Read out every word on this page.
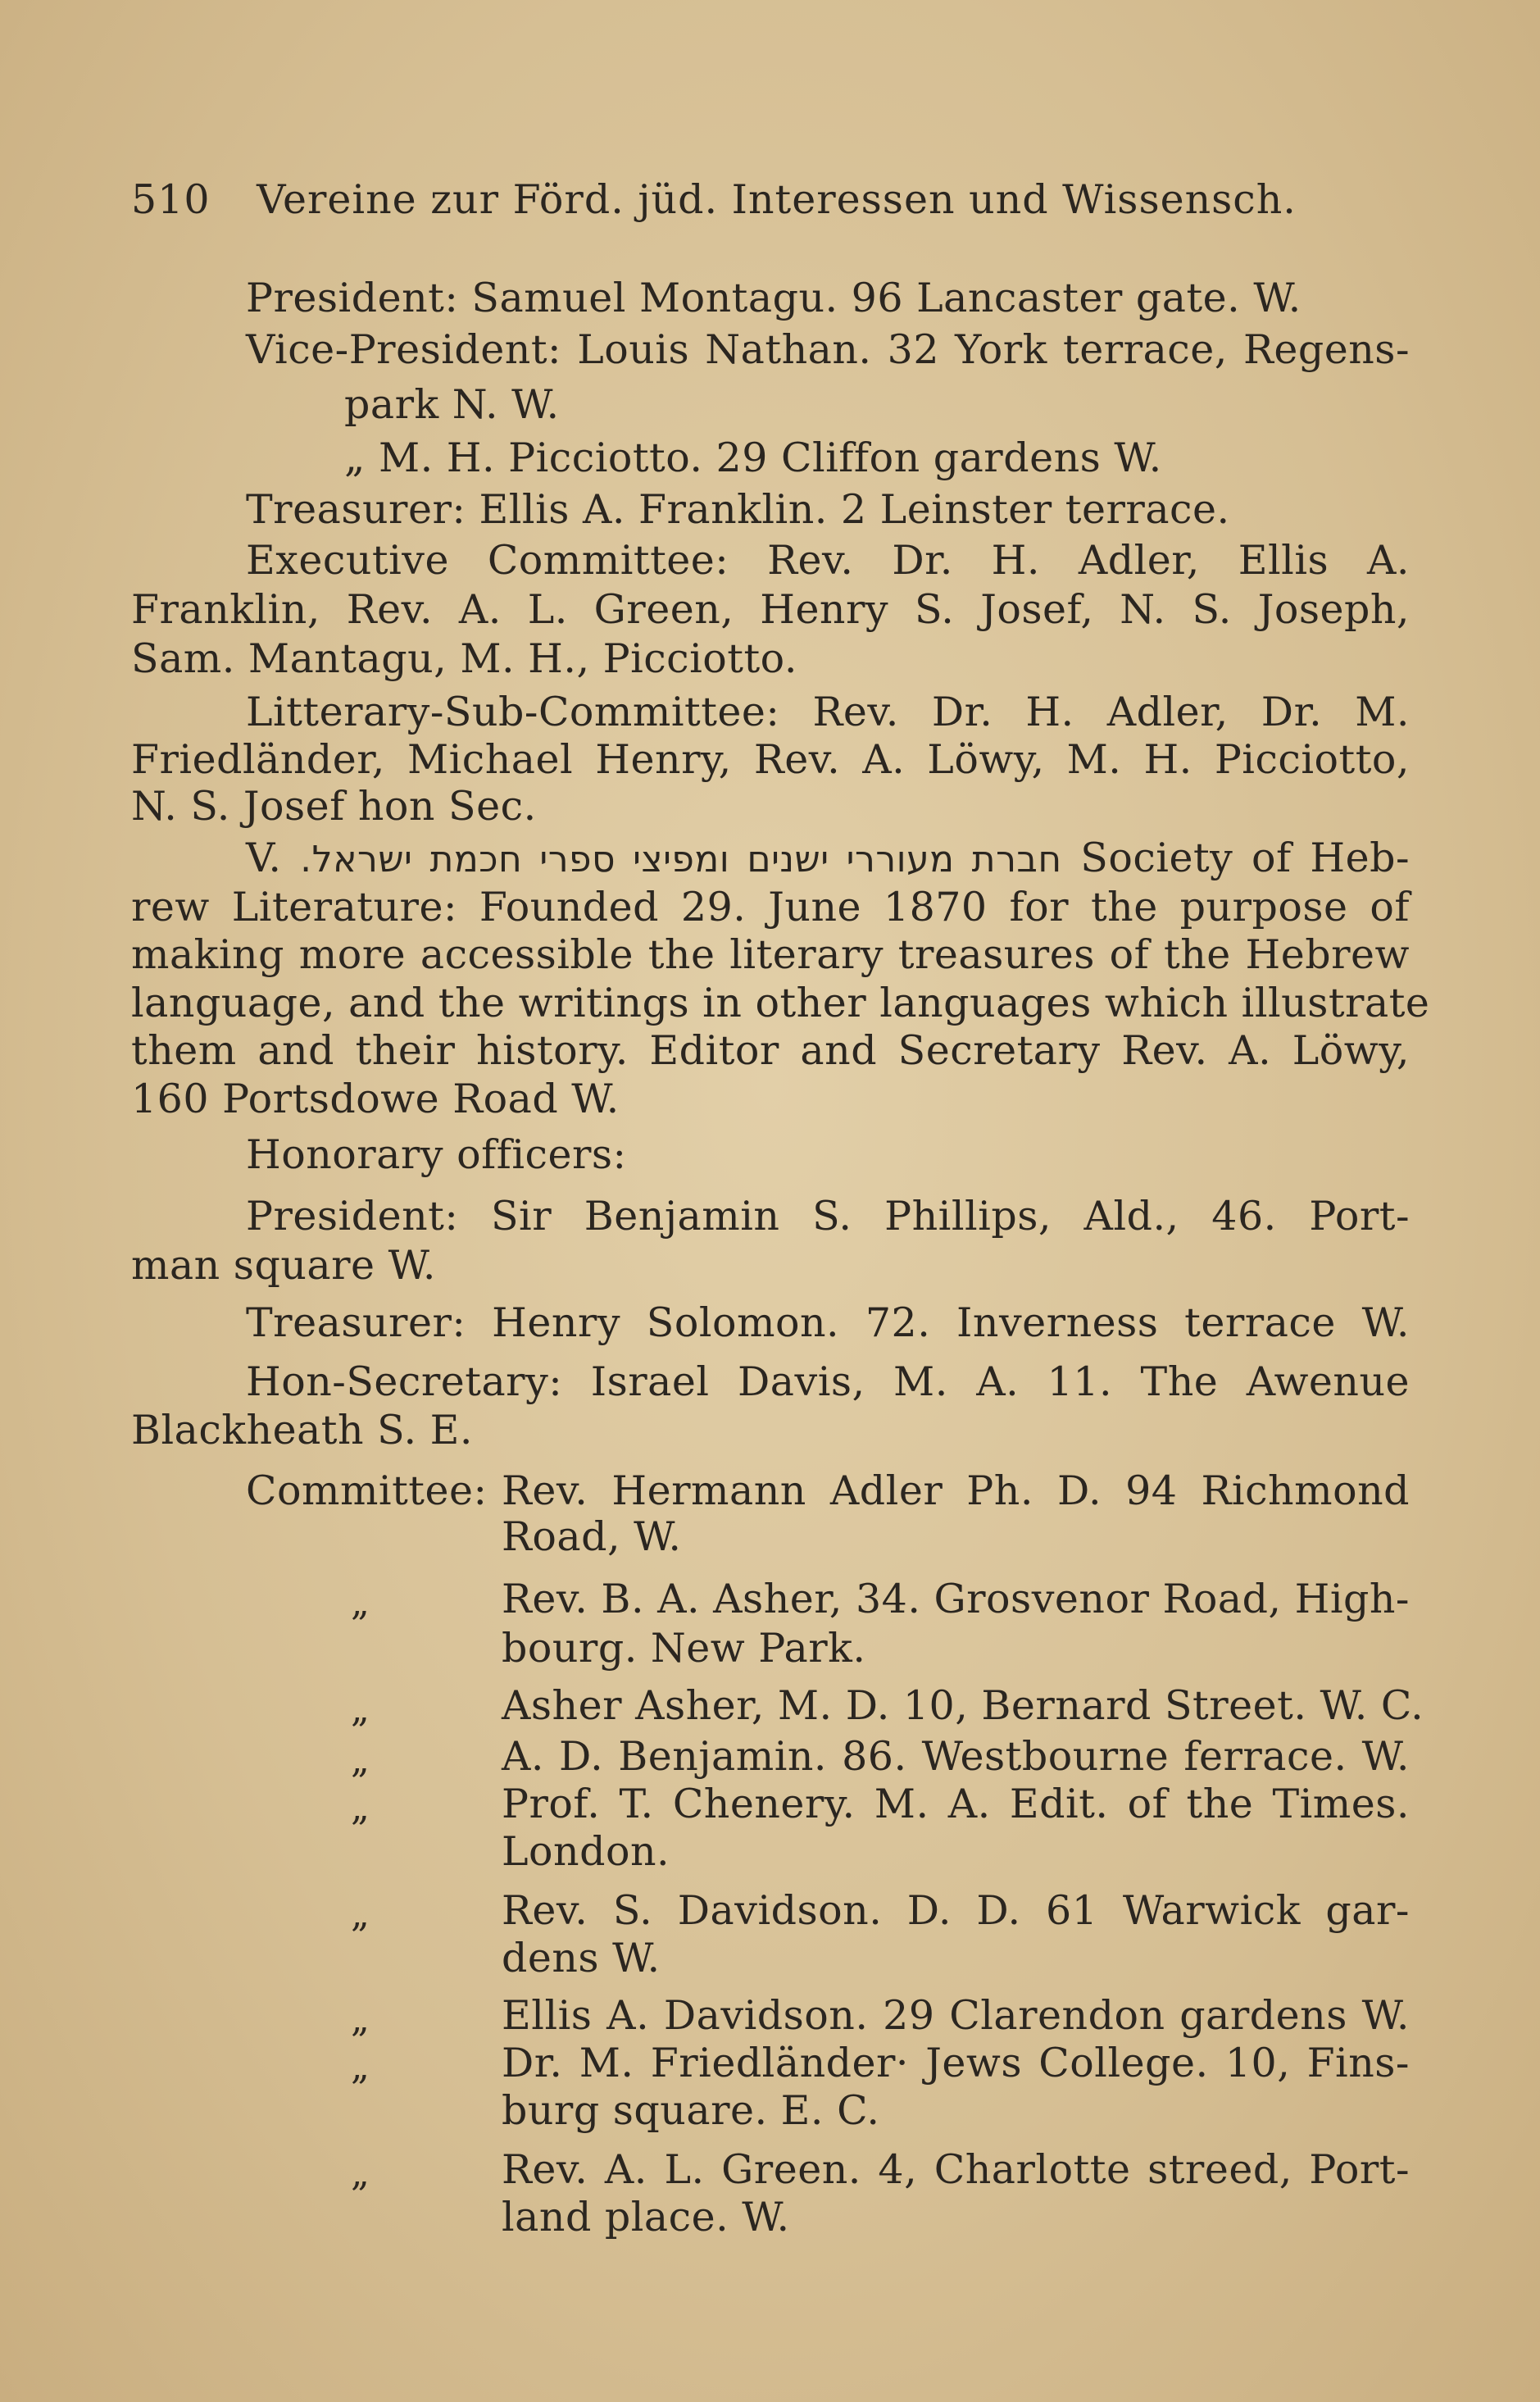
510 Vereine zur Förd. jüd. Interessen und Wissensch.
President: Samuel Montagu. 96 Lancaster gate. W.
Vice-President: Louis Nathan. 32 York terrace, Regens-
park N. W.
„ M. H. Picciotto. 29 Cliffon gardens W.
Treasurer: Ellis A. Franklin. 2 Leinster terrace.
Executive Committee: Rev. Dr. H. Adler, Ellis A.
Franklin, Rev. A. L. Green, Henry S. Josef, N. S. Joseph,
Sam. Mantagu, M. H., Picciotto.
Litterary-Sub-Committee: Rev. Dr. H. Adler, Dr. M.
Friedländer, Michael Henry, Rev. A. Löwy, M. H. Picciotto,
N. S. Josef hon Sec.
V. חברת מעוררי ישנים ומפיצי ספרי חכמת ישראל. Society of Heb-
rew Literature: Founded 29. June 1870 for the purpose of
making more accessible the literary treasures of the Hebrew
language, and the writings in other languages which illustrate
them and their history. Editor and Secretary Rev. A. Löwy,
160 Portsdowe Road W.
Honorary officers:
President: Sir Benjamin S. Phillips, Ald., 46. Port-
man square W.
Treasurer: Henry Solomon. 72. Inverness terrace W.
Hon-Secretary: Israel Davis, M. A. 11. The Awenue
Blackheath S. E.
Committee: Rev. Hermann Adler Ph. D. 94 Richmond
Road, W.
„	Rev. B. A. Asher, 34. Grosvenor Road, High-
bourg. New Park.
„	Asher Asher, M. D. 10, Bernard Street. W. C.
„	A. D. Benjamin. 86. Westbourne ferrace. W.
„	Prof. T. Chenery. M. A. Edit. of the Times.
London.
„	Rev. S. Davidson. D. D. 61 Warwick gar-
dens W.
„	Ellis A. Davidson. 29 Clarendon gardens W.
„	Dr. M. Friedländer· Jews College. 10, Fins-
burg square. E. C.
„	Rev. A. L. Green. 4, Charlotte streed, Port-
land place. W.
